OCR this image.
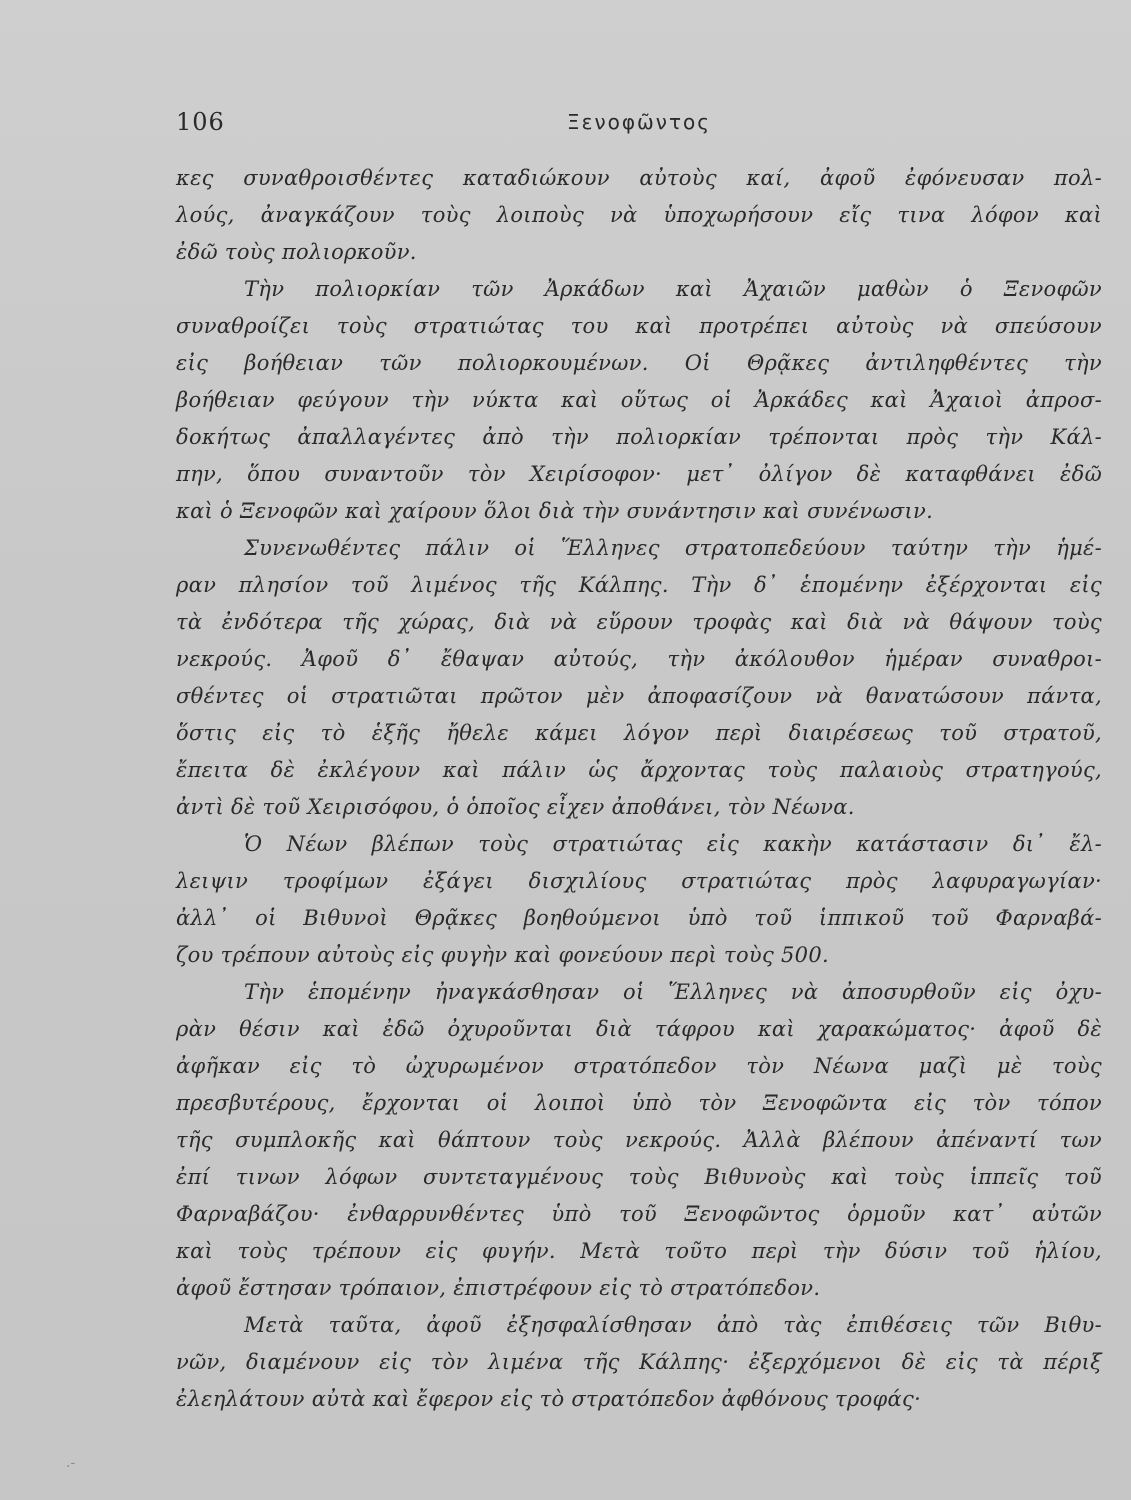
106	Ξενοφῶντος
κες συναθροισθέντες καταδιώκουν αὐτοὺς καί, ἀφοῦ ἐφόνευσαν πολ-
λούς, ἀναγκάζουν τοὺς λοιποὺς νὰ ὑποχωρήσουν εἴς τινα λόφον καὶ
ἐδῶ τοὺς πολιορκοῦν.
Τὴν πολιορκίαν τῶν Ἀρκάδων καὶ Ἀχαιῶν μαθὼν ὁ Ξενοφῶν
συναθροίζει τοὺς στρατιώτας του καὶ προτρέπει αὐτοὺς νὰ σπεύσουν
εἰς βοήθειαν τῶν πολιορκουμένων. Οἱ Θρᾷκες ἀντιληφθέντες τὴν
βοήθειαν φεύγουν τὴν νύκτα καὶ οὕτως οἱ Ἀρκάδες καὶ Ἀχαιοὶ ἀπροσ-
δοκήτως ἀπαλλαγέντες ἀπὸ τὴν πολιορκίαν τρέπονται πρὸς τὴν Κάλ-
πην, ὅπου συναντοῦν τὸν Χειρίσοφον· μετ᾽ ὀλίγον δὲ καταφθάνει ἐδῶ
καὶ ὁ Ξενοφῶν καὶ χαίρουν ὅλοι διὰ τὴν συνάντησιν καὶ συνένωσιν.
Συνενωθέντες πάλιν οἱ Ἕλληνες στρατοπεδεύουν ταύτην τὴν ἡμέ-
ραν πλησίον τοῦ λιμένος τῆς Κάλπης. Τὴν δ᾽ ἑπομένην ἐξέρχονται εἰς
τὰ ἐνδότερα τῆς χώρας, διὰ νὰ εὕρουν τροφὰς καὶ διὰ νὰ θάψουν τοὺς
νεκρούς. Ἀφοῦ δ᾽ ἔθαψαν αὐτούς, τὴν ἀκόλουθον ἡμέραν συναθροι-
σθέντες οἱ στρατιῶται πρῶτον μὲν ἀποφασίζουν νὰ θανατώσουν πάντα,
ὅστις εἰς τὸ ἑξῆς ἤθελε κάμει λόγον περὶ διαιρέσεως τοῦ στρατοῦ,
ἔπειτα δὲ ἐκλέγουν καὶ πάλιν ὡς ἄρχοντας τοὺς παλαιοὺς στρατηγούς,
ἀντὶ δὲ τοῦ Χειρισόφου, ὁ ὁποῖος εἶχεν ἀποθάνει, τὸν Νέωνα.
Ὁ Νέων βλέπων τοὺς στρατιώτας εἰς κακὴν κατάστασιν δι᾽ ἔλ-
λειψιν τροφίμων ἐξάγει δισχιλίους στρατιώτας πρὸς λαφυραγωγίαν·
ἀλλ᾽ οἱ Βιθυνοὶ Θρᾷκες βοηθούμενοι ὑπὸ τοῦ ἱππικοῦ τοῦ Φαρναβά-
ζου τρέπουν αὐτοὺς εἰς φυγὴν καὶ φονεύουν περὶ τοὺς 500.
Τὴν ἑπομένην ἠναγκάσθησαν οἱ Ἕλληνες νὰ ἀποσυρθοῦν εἰς ὀχυ-
ρὰν θέσιν καὶ ἐδῶ ὀχυροῦνται διὰ τάφρου καὶ χαρακώματος· ἀφοῦ δὲ
ἀφῆκαν εἰς τὸ ὠχυρωμένον στρατόπεδον τὸν Νέωνα μαζὶ μὲ τοὺς
πρεσβυτέρους, ἔρχονται οἱ λοιποὶ ὑπὸ τὸν Ξενοφῶντα εἰς τὸν τόπον
τῆς συμπλοκῆς καὶ θάπτουν τοὺς νεκρούς. Ἀλλὰ βλέπουν ἀπέναντί των
ἐπί τινων λόφων συντεταγμένους τοὺς Βιθυνοὺς καὶ τοὺς ἱππεῖς τοῦ
Φαρναβάζου· ἐνθαρρυνθέντες ὑπὸ τοῦ Ξενοφῶντος ὁρμοῦν κατ᾽ αὐτῶν
καὶ τοὺς τρέπουν εἰς φυγήν. Μετὰ τοῦτο περὶ τὴν δύσιν τοῦ ἡλίου,
ἀφοῦ ἔστησαν τρόπαιον, ἐπιστρέφουν εἰς τὸ στρατόπεδον.
Μετὰ ταῦτα, ἀφοῦ ἐξησφαλίσθησαν ἀπὸ τὰς ἐπιθέσεις τῶν Βιθυ-
νῶν, διαμένουν εἰς τὸν λιμένα τῆς Κάλπης· ἐξερχόμενοι δὲ εἰς τὰ πέριξ
ἐλεηλάτουν αὐτὰ καὶ ἔφερον εἰς τὸ στρατόπεδον ἀφθόνους τροφάς·
.-
